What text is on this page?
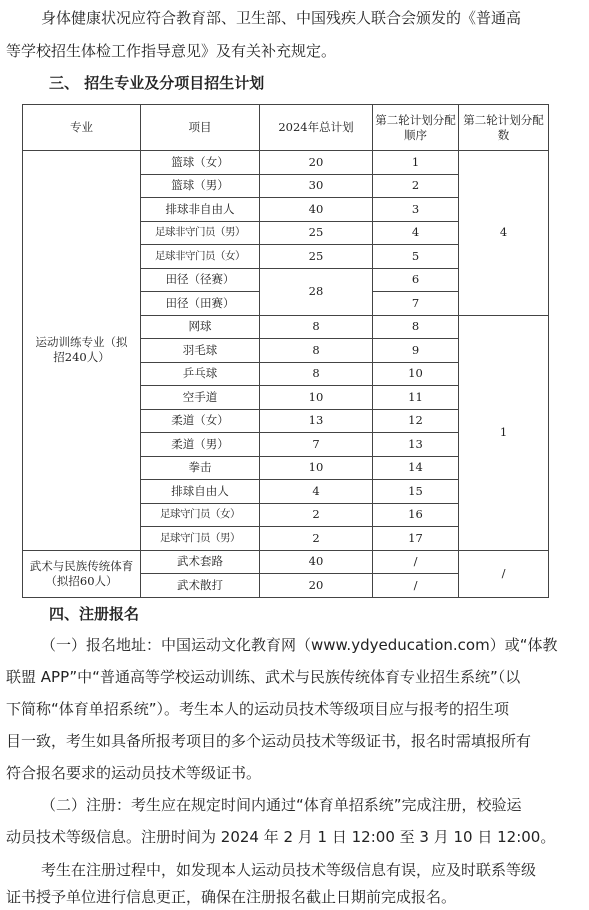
身体健康状况应符合教育部、卫生部、中国残疾人联合会颁发的《普通高
等学校招生体检工作指导意见》及有关补充规定。
三、 招生专业及分项目招生计划
专业	项目	2024年总计划	第二轮计划分配顺序	第二轮计划分配数
运动训练专业（拟招240人）	篮球（女）	20	1	4
	篮球（男）	30	2	
	排球非自由人	40	3	
	足球非守门员（男）	25	4	
	足球非守门员（女）	25	5	
	田径（径赛）	28	6	
	田径（田赛）		7	
	网球	8	8	1
	羽毛球	8	9	
	乒乓球	8	10	
	空手道	10	11	
	柔道（女）	13	12	
	柔道（男）	7	13	
	拳击	10	14	
	排球自由人	4	15	
	足球守门员（女）	2	16	
	足球守门员（男）	2	17	
武术与民族传统体育（拟招60人）	武术套路	40	/	/
	武术散打	20	/	
四、注册报名
（一）报名地址：中国运动文化教育网（www.ydyeducation.com）或“体教
联盟 APP”中“普通高等学校运动训练、武术与民族传统体育专业招生系统”（以
下简称“体育单招系统”）。考生本人的运动员技术等级项目应与报考的招生项
目一致，考生如具备所报考项目的多个运动员技术等级证书，报名时需填报所有
符合报名要求的运动员技术等级证书。
（二）注册：考生应在规定时间内通过“体育单招系统”完成注册，校验运
动员技术等级信息。注册时间为 2024 年 2 月 1 日 12:00 至 3 月 10 日 12:00。
考生在注册过程中，如发现本人运动员技术等级信息有误，应及时联系等级
证书授予单位进行信息更正，确保在注册报名截止日期前完成报名。
